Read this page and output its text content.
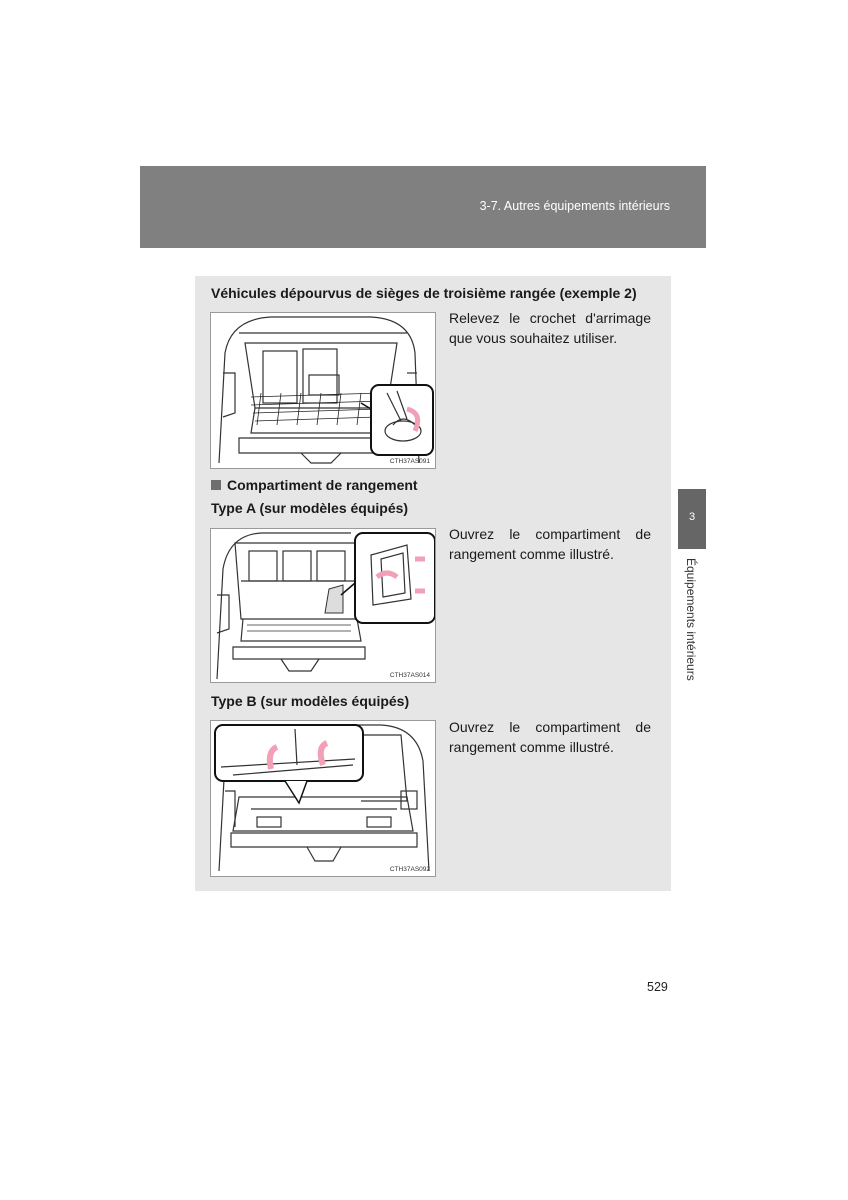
3-7. Autres équipements intérieurs
Véhicules dépourvus de sièges de troisième rangée (exemple 2)
CTH37AS091
Relevez le crochet d'arrimage que vous souhaitez utiliser.
Compartiment de rangement
Type A (sur modèles équipés)
CTH37AS014
Ouvrez le compartiment de rangement comme illustré.
Type B (sur modèles équipés)
CTH37AS092
Ouvrez le compartiment de rangement comme illustré.
3
Équipements intérieurs
529
